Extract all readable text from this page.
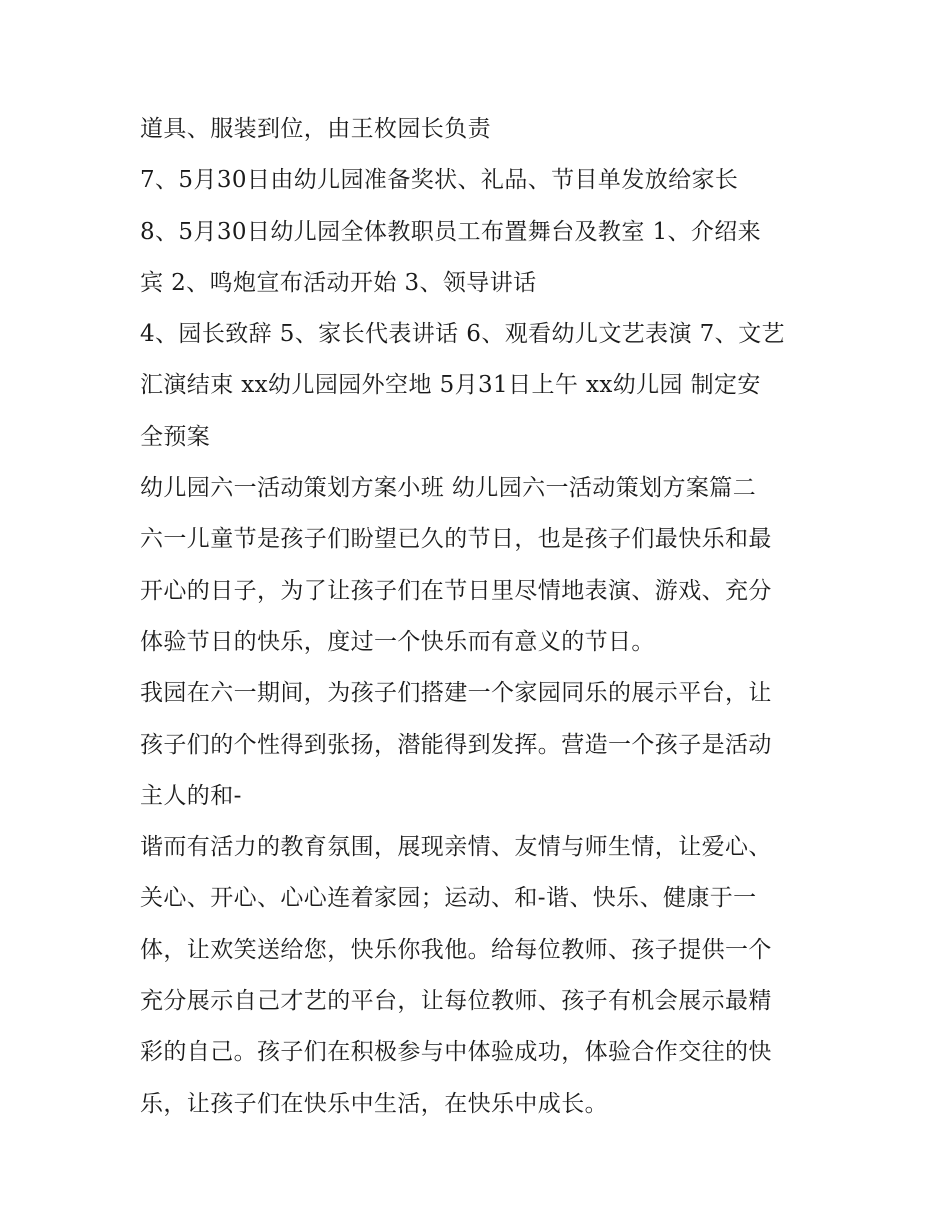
道具、服装到位，由王枚园长负责

7、5月30日由幼儿园准备奖状、礼品、节目单发放给家长

8、5月30日幼儿园全体教职员工布置舞台及教室 1、介绍来

宾 2、鸣炮宣布活动开始 3、领导讲话

4、园长致辞 5、家长代表讲话 6、观看幼儿文艺表演 7、文艺

汇演结束 xx幼儿园园外空地 5月31日上午 xx幼儿园 制定安

全预案

幼儿园六一活动策划方案小班 幼儿园六一活动策划方案篇二

六一儿童节是孩子们盼望已久的节日，也是孩子们最快乐和最

开心的日子，为了让孩子们在节日里尽情地表演、游戏、充分

体验节日的快乐，度过一个快乐而有意义的节日。

我园在六一期间，为孩子们搭建一个家园同乐的展示平台，让

孩子们的个性得到张扬，潜能得到发挥。营造一个孩子是活动

主人的和-

谐而有活力的教育氛围，展现亲情、友情与师生情，让爱心、

关心、开心、心心连着家园；运动、和-谐、快乐、健康于一

体，让欢笑送给您，快乐你我他。给每位教师、孩子提供一个

充分展示自己才艺的平台，让每位教师、孩子有机会展示最精

彩的自己。孩子们在积极参与中体验成功，体验合作交往的快

乐，让孩子们在快乐中生活，在快乐中成长。
